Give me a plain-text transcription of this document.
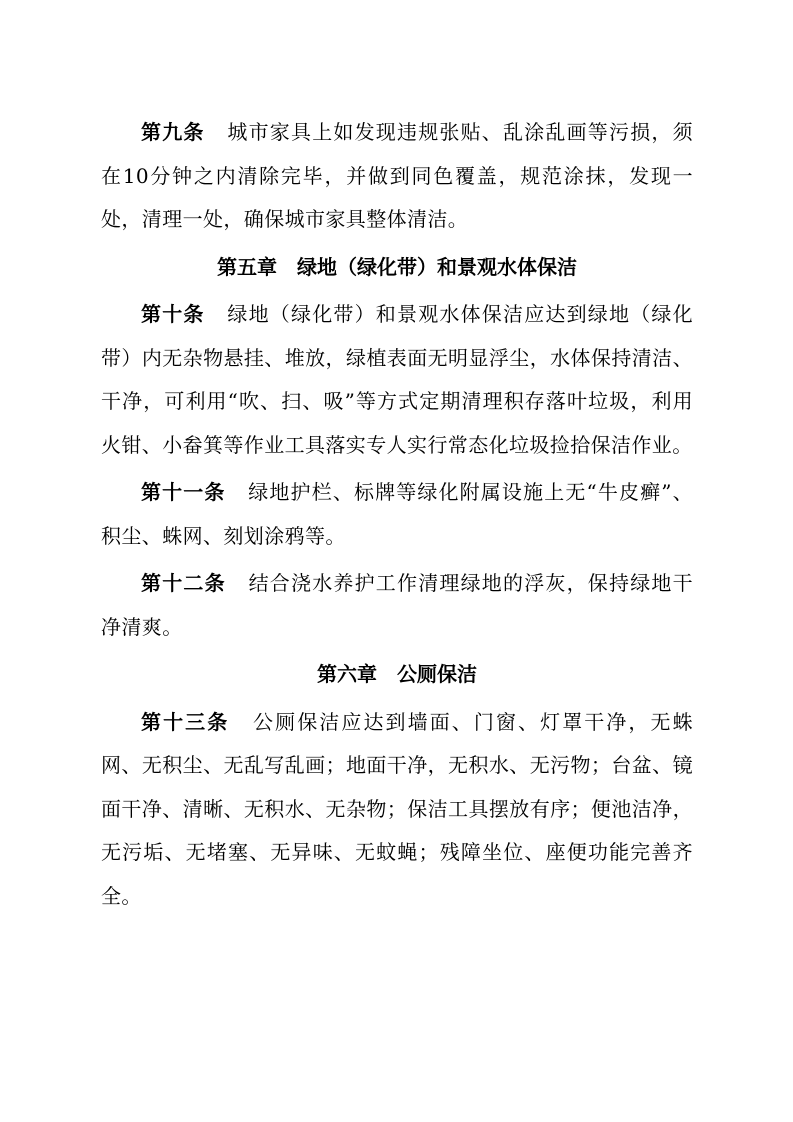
第九条 城市家具上如发现违规张贴、乱涂乱画等污损，须在10分钟之内清除完毕，并做到同色覆盖，规范涂抹，发现一处，清理一处，确保城市家具整体清洁。

第五章　绿地（绿化带）和景观水体保洁

第十条 绿地（绿化带）和景观水体保洁应达到绿地（绿化带）内无杂物悬挂、堆放，绿植表面无明显浮尘，水体保持清洁、干净，可利用“吹、扫、吸”等方式定期清理积存落叶垃圾，利用火钳、小畚箕等作业工具落实专人实行常态化垃圾捡拾保洁作业。

第十一条 绿地护栏、标牌等绿化附属设施上无“牛皮癣”、积尘、蛛网、刻划涂鸦等。

第十二条 结合浇水养护工作清理绿地的浮灰，保持绿地干净清爽。

第六章　公厕保洁

第十三条 公厕保洁应达到墙面、门窗、灯罩干净，无蛛网、无积尘、无乱写乱画；地面干净，无积水、无污物；台盆、镜面干净、清晰、无积水、无杂物；保洁工具摆放有序；便池洁净，无污垢、无堵塞、无异味、无蚊蝇；残障坐位、座便功能完善齐全。
